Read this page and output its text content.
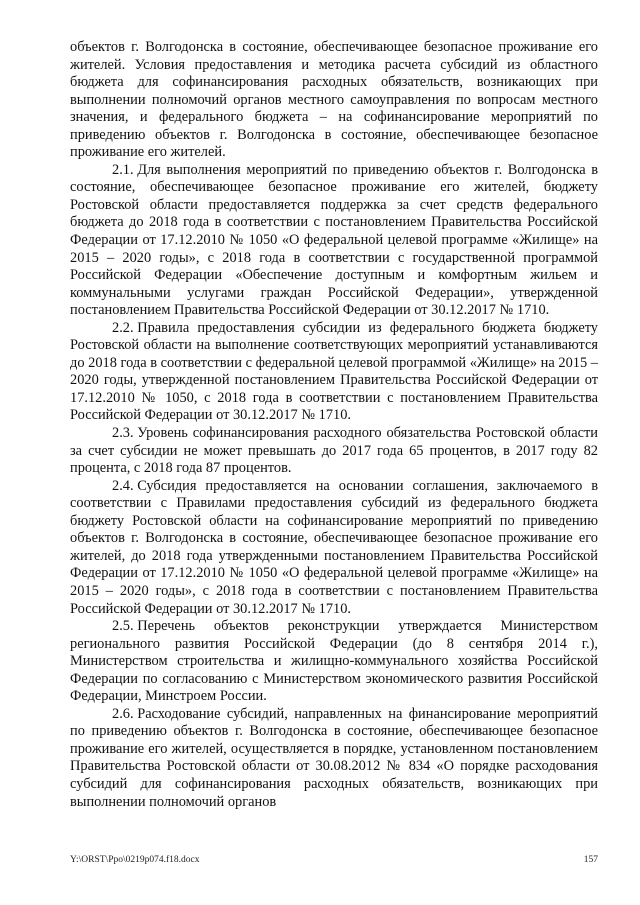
объектов г. Волгодонска в состояние, обеспечивающее безопасное проживание его жителей. Условия предоставления и методика расчета субсидий из областного бюджета для софинансирования расходных обязательств, возникающих при выполнении полномочий органов местного самоуправления по вопросам местного значения, и федерального бюджета – на софинансирование мероприятий по приведению объектов г. Волгодонска в состояние, обеспечивающее безопасное проживание его жителей.

2.1. Для выполнения мероприятий по приведению объектов г. Волгодонска в состояние, обеспечивающее безопасное проживание его жителей, бюджету Ростовской области предоставляется поддержка за счет средств федерального бюджета до 2018 года в соответствии с постановлением Правительства Российской Федерации от 17.12.2010 № 1050 «О федеральной целевой программе «Жилище» на 2015 – 2020 годы», с 2018 года в соответствии с государственной программой Российской Федерации «Обеспечение доступным и комфортным жильем и коммунальными услугами граждан Российской Федерации», утвержденной постановлением Правительства Российской Федерации от 30.12.2017 № 1710.

2.2. Правила предоставления субсидии из федерального бюджета бюджету Ростовской области на выполнение соответствующих мероприятий устанавливаются до 2018 года в соответствии с федеральной целевой программой «Жилище» на 2015 – 2020 годы, утвержденной постановлением Правительства Российской Федерации от 17.12.2010 № 1050, с 2018 года в соответствии с постановлением Правительства Российской Федерации от 30.12.2017 № 1710.

2.3. Уровень софинансирования расходного обязательства Ростовской области за счет субсидии не может превышать до 2017 года 65 процентов, в 2017 году 82 процента, с 2018 года 87 процентов.

2.4. Субсидия предоставляется на основании соглашения, заключаемого в соответствии с Правилами предоставления субсидий из федерального бюджета бюджету Ростовской области на софинансирование мероприятий по приведению объектов г. Волгодонска в состояние, обеспечивающее безопасное проживание его жителей, до 2018 года утвержденными постановлением Правительства Российской Федерации от 17.12.2010 № 1050 «О федеральной целевой программе «Жилище» на 2015 – 2020 годы», с 2018 года в соответствии с постановлением Правительства Российской Федерации от 30.12.2017 № 1710.

2.5. Перечень объектов реконструкции утверждается Министерством регионального развития Российской Федерации (до 8 сентября 2014 г.), Министерством строительства и жилищно-коммунального хозяйства Российской Федерации по согласованию с Министерством экономического развития Российской Федерации, Минстроем России.

2.6. Расходование субсидий, направленных на финансирование мероприятий по приведению объектов г. Волгодонска в состояние, обеспечивающее безопасное проживание его жителей, осуществляется в порядке, установленном постановлением Правительства Ростовской области от 30.08.2012 № 834 «О порядке расходования субсидий для софинансирования расходных обязательств, возникающих при выполнении полномочий органов

Y:\ORST\Ppo\0219p074.f18.docx	157
